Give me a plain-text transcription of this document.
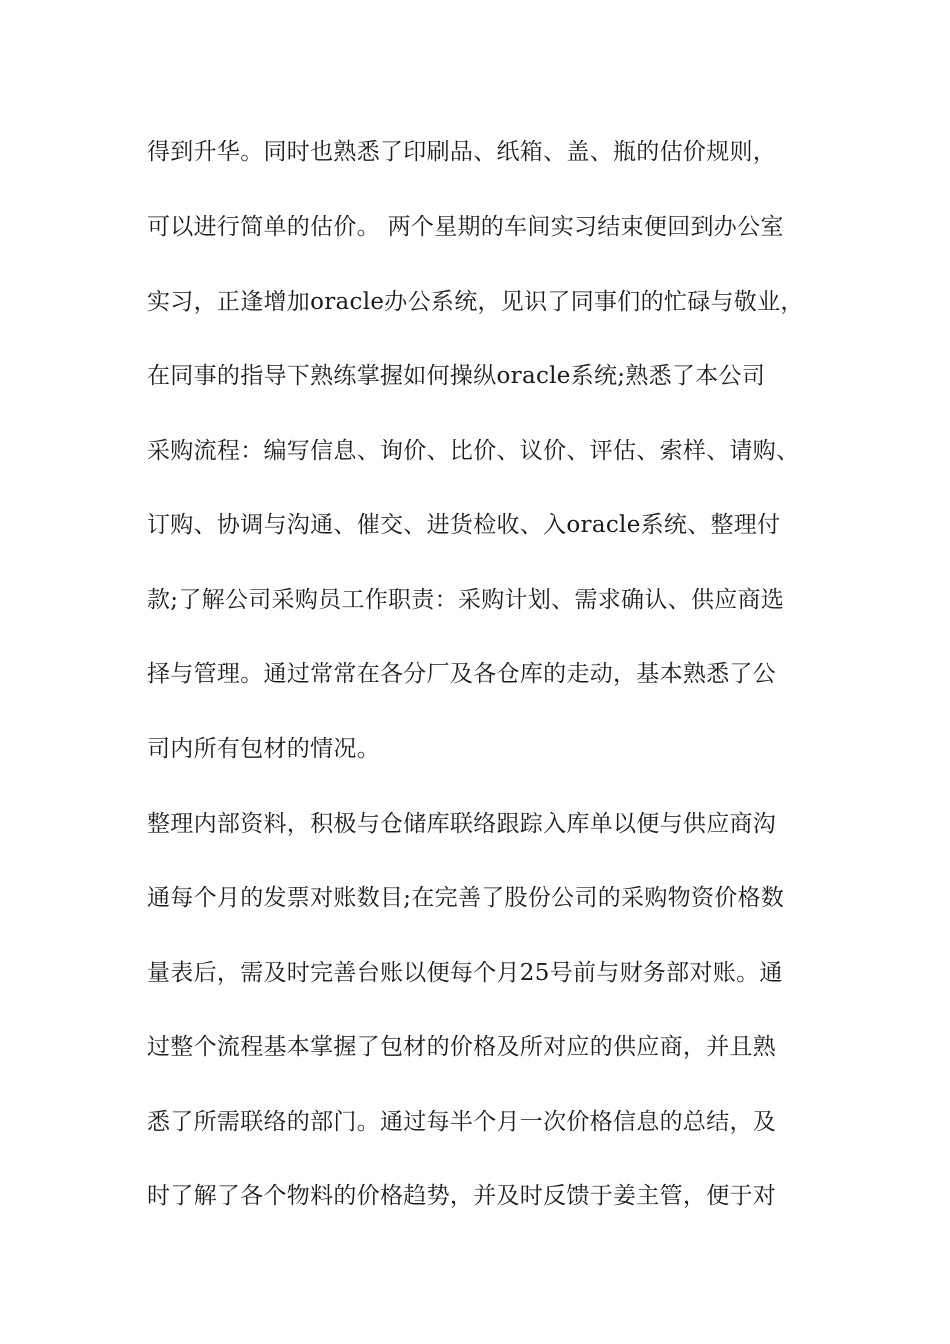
得到升华。同时也熟悉了印刷品、纸箱、盖、瓶的估价规则，

可以进行简单的估价。 两个星期的车间实习结束便回到办公室

实习，正逢增加oracle办公系统，见识了同事们的忙碌与敬业，

在同事的指导下熟练掌握如何操纵oracle系统;熟悉了本公司

采购流程：编写信息、询价、比价、议价、评估、索样、请购、

订购、协调与沟通、催交、进货检收、入oracle系统、整理付

款;了解公司采购员工作职责：采购计划、需求确认、供应商选

择与管理。通过常常在各分厂及各仓库的走动，基本熟悉了公

司内所有包材的情况。

整理内部资料，积极与仓储库联络跟踪入库单以便与供应商沟

通每个月的发票对账数目;在完善了股份公司的采购物资价格数

量表后，需及时完善台账以便每个月25号前与财务部对账。通

过整个流程基本掌握了包材的价格及所对应的供应商，并且熟

悉了所需联络的部门。通过每半个月一次价格信息的总结，及

时了解了各个物料的价格趋势，并及时反馈于姜主管，便于对
